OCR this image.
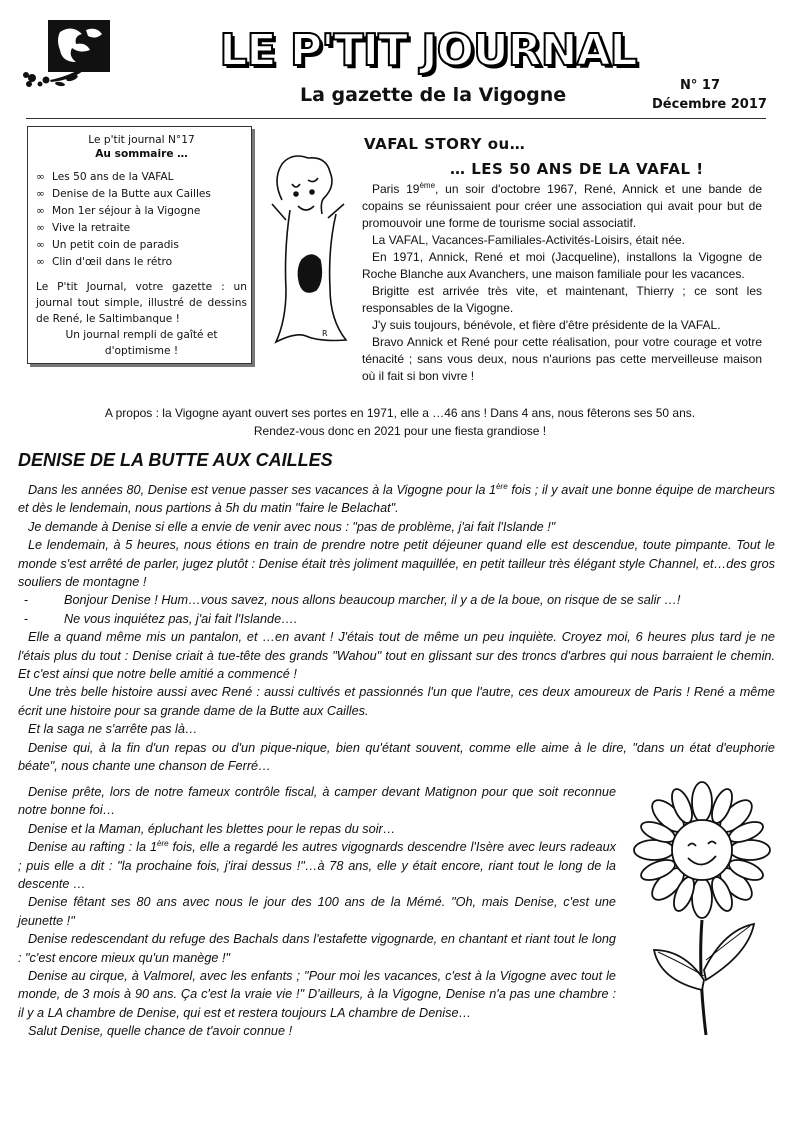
LE P'TIT JOURNAL
La gazette de la Vigogne	N° 17
Décembre 2017
Le p'tit journal N°17
Au sommaire …
∞ Les 50 ans de la VAFAL
∞ Denise de la Butte aux Cailles
∞ Mon 1er séjour à la Vigogne
∞ Vive la retraite
∞ Un petit coin de paradis
∞ Clin d'œil dans le rétro
Le P'tit Journal, votre gazette : un journal tout simple, illustré de dessins de René, le Saltimbanque !
Un journal rempli de gaîté et d'optimisme !
R
VAFAL STORY ou…
… LES 50 ANS DE LA VAFAL !

Paris 19ème, un soir d'octobre 1967, René, Annick et une bande de copains se réunissaient pour créer une association qui avait pour but de promouvoir une forme de tourisme social associatif.

La VAFAL, Vacances-Familiales-Activités-Loisirs, était née.

En 1971, Annick, René et moi (Jacqueline), installons la Vigogne de Roche Blanche aux Avanchers, une maison familiale pour les vacances.

Brigitte est arrivée très vite, et maintenant, Thierry ; ce sont les responsables de la Vigogne.

J'y suis toujours, bénévole, et fière d'être présidente de la VAFAL.

Bravo Annick et René pour cette réalisation, pour votre courage et votre ténacité ; sans vous deux, nous n'aurions pas cette merveilleuse maison où il fait si bon vivre !

A propos : la Vigogne ayant ouvert ses portes en 1971, elle a …46 ans ! Dans 4 ans, nous fêterons ses 50 ans.
Rendez-vous donc en 2021 pour une fiesta grandiose !
DENISE DE LA BUTTE AUX CAILLES

Dans les années 80, Denise est venue passer ses vacances à la Vigogne pour la 1ère fois ; il y avait une bonne équipe de marcheurs et dès le lendemain, nous partions à 5h du matin "faire le Belachat".

Je demande à Denise si elle a envie de venir avec nous : "pas de problème, j'ai fait l'Islande !"

Le lendemain, à 5 heures, nous étions en train de prendre notre petit déjeuner quand elle est descendue, toute pimpante. Tout le monde s'est arrêté de parler, jugez plutôt : Denise était très joliment maquillée, en petit tailleur très élégant style Channel, et…des gros souliers de montagne !

-	Bonjour Denise ! Hum…vous savez, nous allons beaucoup marcher, il y a de la boue, on risque de se salir …!

-	Ne vous inquiétez pas, j'ai fait l'Islande….

Elle a quand même mis un pantalon, et …en avant ! J'étais tout de même un peu inquiète. Croyez moi, 6 heures plus tard je ne l'étais plus du tout : Denise criait à tue-tête des grands "Wahou" tout en glissant sur des troncs d'arbres qui nous barraient le chemin. Et c'est ainsi que notre belle amitié a commencé !

Une très belle histoire aussi avec René : aussi cultivés et passionnés l'un que l'autre, ces deux amoureux de Paris ! René a même écrit une histoire pour sa grande dame de la Butte aux Cailles.

Et la saga ne s'arrête pas là…

Denise qui, à la fin d'un repas ou d'un pique-nique, bien qu'étant souvent, comme elle aime à le dire, "dans un état d'euphorie béate", nous chante une chanson de Ferré…

Denise prête, lors de notre fameux contrôle fiscal, à camper devant Matignon pour que soit reconnue notre bonne foi…

Denise et la Maman, épluchant les blettes pour le repas du soir…

Denise au rafting : la 1ère fois, elle a regardé les autres vigognards descendre l'Isère avec leurs radeaux ; puis elle a dit : "la prochaine fois, j'irai dessus !"…à 78 ans, elle y était encore, riant tout le long de la descente …

Denise fêtant ses 80 ans avec nous le jour des 100 ans de la Mémé. "Oh, mais Denise, c'est une jeunette !"

Denise redescendant du refuge des Bachals dans l'estafette vigognarde, en chantant et riant tout le long : "c'est encore mieux qu'un manège !"

Denise au cirque, à Valmorel, avec les enfants ; "Pour moi les vacances, c'est à la Vigogne avec tout le monde, de 3 mois à 90 ans. Ça c'est la vraie vie !" D'ailleurs, à la Vigogne, Denise n'a pas une chambre : il y a LA chambre de Denise, qui est et restera toujours LA chambre de Denise…

Salut Denise, quelle chance de t'avoir connue !
